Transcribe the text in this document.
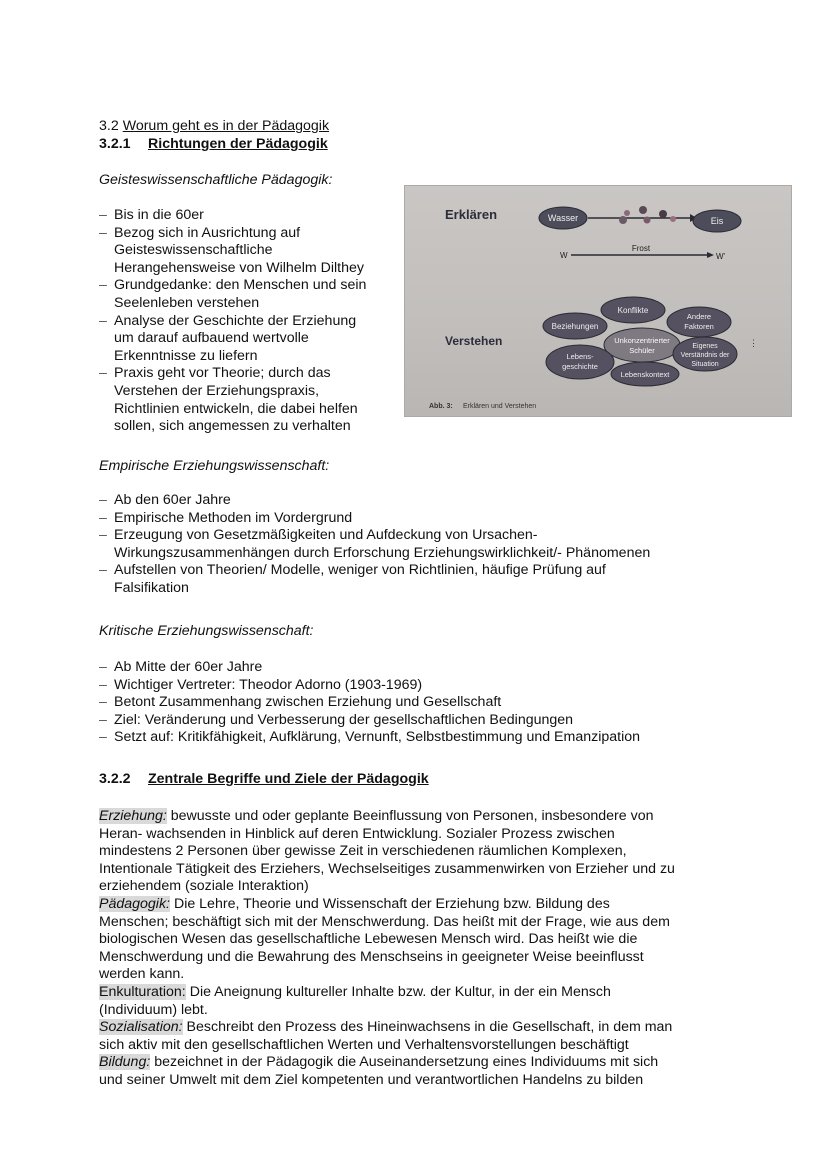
3.2 Worum geht es in der Pädagogik
3.2.1 Richtungen der Pädagogik
Geisteswissenschaftliche Pädagogik:
– Bis in die 60er
– Bezog sich in Ausrichtung auf
Geisteswissenschaftliche
Herangehensweise von Wilhelm Dilthey
– Grundgedanke: den Menschen und sein
Seelenleben verstehen
– Analyse der Geschichte der Erziehung
um darauf aufbauend wertvolle
Erkenntnisse zu liefern
– Praxis geht vor Theorie; durch das
Verstehen der Erziehungspraxis,
Richtlinien entwickeln, die dabei helfen
sollen, sich angemessen zu verhalten
Erklären	Wasser	Eis
W
Frost
W'
Verstehen
Konflikte
Beziehungen
Andere
Faktoren
Unkonzentrierter
Schüler
Lebens-
geschichte
Eigenes
Verständnis der
Situation
Lebenskontext
⋮
Abb. 3: Erklären und Verstehen
Empirische Erziehungswissenschaft:
– Ab den 60er Jahre
– Empirische Methoden im Vordergrund
– Erzeugung von Gesetzmäßigkeiten und Aufdeckung von Ursachen-
Wirkungszusammenhängen durch Erforschung Erziehungswirklichkeit/- Phänomenen
– Aufstellen von Theorien/ Modelle, weniger von Richtlinien, häufige Prüfung auf
Falsifikation
Kritische Erziehungswissenschaft:
– Ab Mitte der 60er Jahre
– Wichtiger Vertreter: Theodor Adorno (1903-1969)
– Betont Zusammenhang zwischen Erziehung und Gesellschaft
– Ziel: Veränderung und Verbesserung der gesellschaftlichen Bedingungen
– Setzt auf: Kritikfähigkeit, Aufklärung, Vernunft, Selbstbestimmung und Emanzipation
3.2.2 Zentrale Begriffe und Ziele der Pädagogik

Erziehung: bewusste und oder geplante Beeinflussung von Personen, insbesondere von

Heran- wachsenden in Hinblick auf deren Entwicklung. Sozialer Prozess zwischen

mindestens 2 Personen über gewisse Zeit in verschiedenen räumlichen Komplexen,

Intentionale Tätigkeit des Erziehers, Wechselseitiges zusammenwirken von Erzieher und zu

erziehendem (soziale Interaktion)

Pädagogik: Die Lehre, Theorie und Wissenschaft der Erziehung bzw. Bildung des

Menschen; beschäftigt sich mit der Menschwerdung. Das heißt mit der Frage, wie aus dem

biologischen Wesen das gesellschaftliche Lebewesen Mensch wird. Das heißt wie die

Menschwerdung und die Bewahrung des Menschseins in geeigneter Weise beeinflusst

werden kann.

Enkulturation: Die Aneignung kultureller Inhalte bzw. der Kultur, in der ein Mensch

(Individuum) lebt.

Sozialisation: Beschreibt den Prozess des Hineinwachsens in die Gesellschaft, in dem man

sich aktiv mit den gesellschaftlichen Werten und Verhaltensvorstellungen beschäftigt

Bildung: bezeichnet in der Pädagogik die Auseinandersetzung eines Individuums mit sich

und seiner Umwelt mit dem Ziel kompetenten und verantwortlichen Handelns zu bilden
